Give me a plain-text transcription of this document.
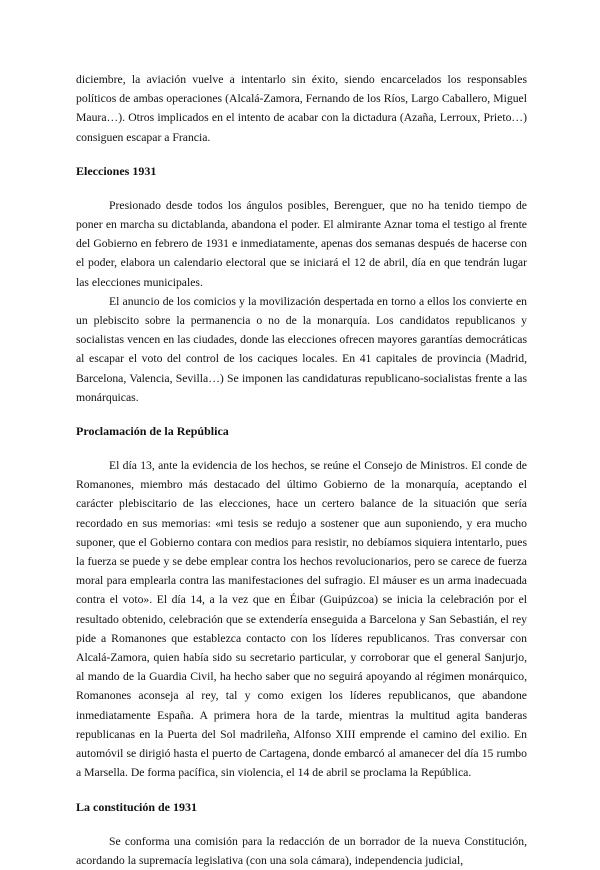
diciembre, la aviación vuelve a intentarlo sin éxito, siendo encarcelados los responsables políticos de ambas operaciones (Alcalá-Zamora, Fernando de los Ríos, Largo Caballero, Miguel Maura…). Otros implicados en el intento de acabar con la dictadura (Azaña, Lerroux, Prieto…) consiguen escapar a Francia.

Elecciones 1931

Presionado desde todos los ángulos posibles, Berenguer, que no ha tenido tiempo de poner en marcha su dictablanda, abandona el poder. El almirante Aznar toma el testigo al frente del Gobierno en febrero de 1931 e inmediatamente, apenas dos semanas después de hacerse con el poder, elabora un calendario electoral que se iniciará el 12 de abril, día en que tendrán lugar las elecciones municipales.

El anuncio de los comicios y la movilización despertada en torno a ellos los convierte en un plebiscito sobre la permanencia o no de la monarquía. Los candidatos republicanos y socialistas vencen en las ciudades, donde las elecciones ofrecen mayores garantías democráticas al escapar el voto del control de los caciques locales. En 41 capitales de provincia (Madrid, Barcelona, Valencia, Sevilla…) Se imponen las candidaturas republicano-socialistas frente a las monárquicas.

Proclamación de la República

El día 13, ante la evidencia de los hechos, se reúne el Consejo de Ministros. El conde de Romanones, miembro más destacado del último Gobierno de la monarquía, aceptando el carácter plebiscitario de las elecciones, hace un certero balance de la situación que sería recordado en sus memorias: «mi tesis se redujo a sostener que aun suponiendo, y era mucho suponer, que el Gobierno contara con medios para resistir, no debíamos siquiera intentarlo, pues la fuerza se puede y se debe emplear contra los hechos revolucionarios, pero se carece de fuerza moral para emplearla contra las manifestaciones del sufragio. El máuser es un arma inadecuada contra el voto». El día 14, a la vez que en Éibar (Guipúzcoa) se inicia la celebración por el resultado obtenido, celebración que se extendería enseguida a Barcelona y San Sebastián, el rey pide a Romanones que establezca contacto con los líderes republicanos. Tras conversar con Alcalá-Zamora, quien había sido su secretario particular, y corroborar que el general Sanjurjo, al mando de la Guardia Civil, ha hecho saber que no seguirá apoyando al régimen monárquico, Romanones aconseja al rey, tal y como exigen los líderes republicanos, que abandone inmediatamente España. A primera hora de la tarde, mientras la multitud agita banderas republicanas en la Puerta del Sol madrileña, Alfonso XIII emprende el camino del exilio. En automóvil se dirigió hasta el puerto de Cartagena, donde embarcó al amanecer del día 15 rumbo a Marsella. De forma pacífica, sin violencia, el 14 de abril se proclama la República.

La constitución de 1931

Se conforma una comisión para la redacción de un borrador de la nueva Constitución, acordando la supremacía legislativa (con una sola cámara), independencia judicial,
